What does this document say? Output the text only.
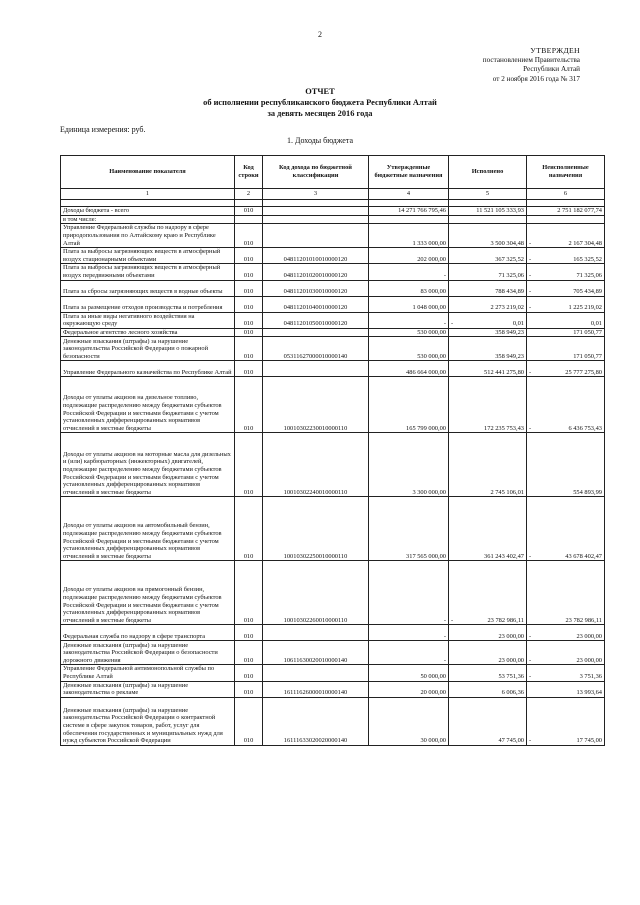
2
УТВЕРЖДЕН
постановлением Правительства
Республики Алтай
от 2 ноября 2016 года № 317
ОТЧЕТ
об исполнении республиканского бюджета Республики Алтай
за девять месяцев 2016 года
Единица измерения: руб.
1. Доходы бюджета
Наименование показателя	Код строки	Код дохода по бюджетной классификации	Утвержденные бюджетные назначения	Исполнено	Неисполненные назначения
1	2	3	4	5	6

Доходы бюджета - всего	010		14 271 766 795,46	11 521 105 333,93	2 751 182 077,74
в том числе:					
Управление Федеральной службы по надзору в сфере природопользования по Алтайскому краю и Республике Алтай	010		1 333 000,00	3 500 304,48	- 2 167 304,48
Плата за выбросы загрязняющих веществ в атмосферный воздух стационарными объектами	010	04811201010010000120	202 000,00	367 325,52	- 165 325,52
Плата за выбросы загрязняющих веществ в атмосферный воздух передвижными объектами	010	04811201020010000120	-	71 325,06	- 71 325,06
Плата за сбросы загрязняющих веществ в водные объекты	010	04811201030010000120	83 000,00	788 434,89	- 705 434,89
Плата за размещение отходов производства и потребления	010	04811201040010000120	1 048 000,00	2 273 219,02	- 1 225 219,02
Плата за иные виды негативного воздействия на окружающую среду	010	04811201050010000120	-	- 0,01	0,01
Федеральное агентство лесного хозяйства	010		530 000,00	358 949,23	171 050,77
Денежные взыскания (штрафы) за нарушение законодательства Российской Федерации о пожарной безопасности	010	05311627000010000140	530 000,00	358 949,23	171 050,77
Управление Федерального казначейства по Республике Алтай	010		486 664 000,00	512 441 275,80	- 25 777 275,80
Доходы от уплаты акцизов на дизельное топливо, подлежащие распределению между бюджетами субъектов Российской Федерации и местными бюджетами с учетом установленных дифференцированных нормативов отчислений в местные бюджеты	010	10010302230010000110	165 799 000,00	172 235 753,43	- 6 436 753,43
Доходы от уплаты акцизов на моторные масла для дизельных и (или) карбюраторных (инжекторных) двигателей, подлежащие распределению между бюджетами субъектов Российской Федерации и местными бюджетами с учетом установленных дифференцированных нормативов отчислений в местные бюджеты	010	10010302240010000110	3 300 000,00	2 745 106,01	554 893,99
Доходы от уплаты акцизов на автомобильный бензин, подлежащие распределению между бюджетами субъектов Российской Федерации и местными бюджетами с учетом установленных дифференцированных нормативов отчислений в местные бюджеты	010	10010302250010000110	317 565 000,00	361 243 402,47	- 43 678 402,47
Доходы от уплаты акцизов на прямогонный бензин, подлежащие распределению между бюджетами субъектов Российской Федерации и местными бюджетами с учетом установленных дифференцированных нормативов отчислений в местные бюджеты	010	10010302260010000110	-	- 23 782 986,11	23 782 986,11
Федеральная служба по надзору в сфере транспорта	010		-	23 000,00	- 23 000,00
Денежные взыскания (штрафы) за нарушение законодательства Российской Федерации о безопасности дорожного движения	010	10611630020010000140	-	23 000,00	- 23 000,00
Управление Федеральной антимонопольной службы по Республике Алтай	010		50 000,00	53 751,36	- 3 751,36
Денежные взыскания (штрафы) за нарушение законодательства о рекламе	010	16111626000010000140	20 000,00	6 006,36	13 993,64
Денежные взыскания (штрафы) за нарушение законодательства Российской Федерации о контрактной системе в сфере закупок товаров, работ, услуг для обеспечения государственных и муниципальных нужд для нужд субъектов Российской Федерации	010	16111633020020000140	30 000,00	47 745,00	- 17 745,00
